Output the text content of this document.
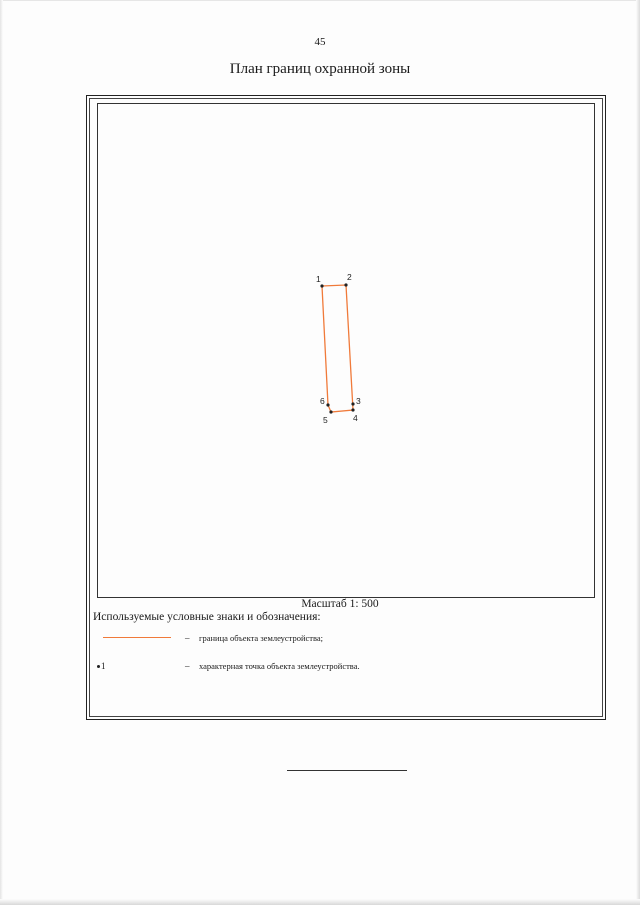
45
План границ охранной зоны
1	2
3
4
5
6
Масштаб 1: 500
Используемые условные знаки и обозначения:
– граница объекта землеустройства;
1	– характерная точка объекта землеустройства.
